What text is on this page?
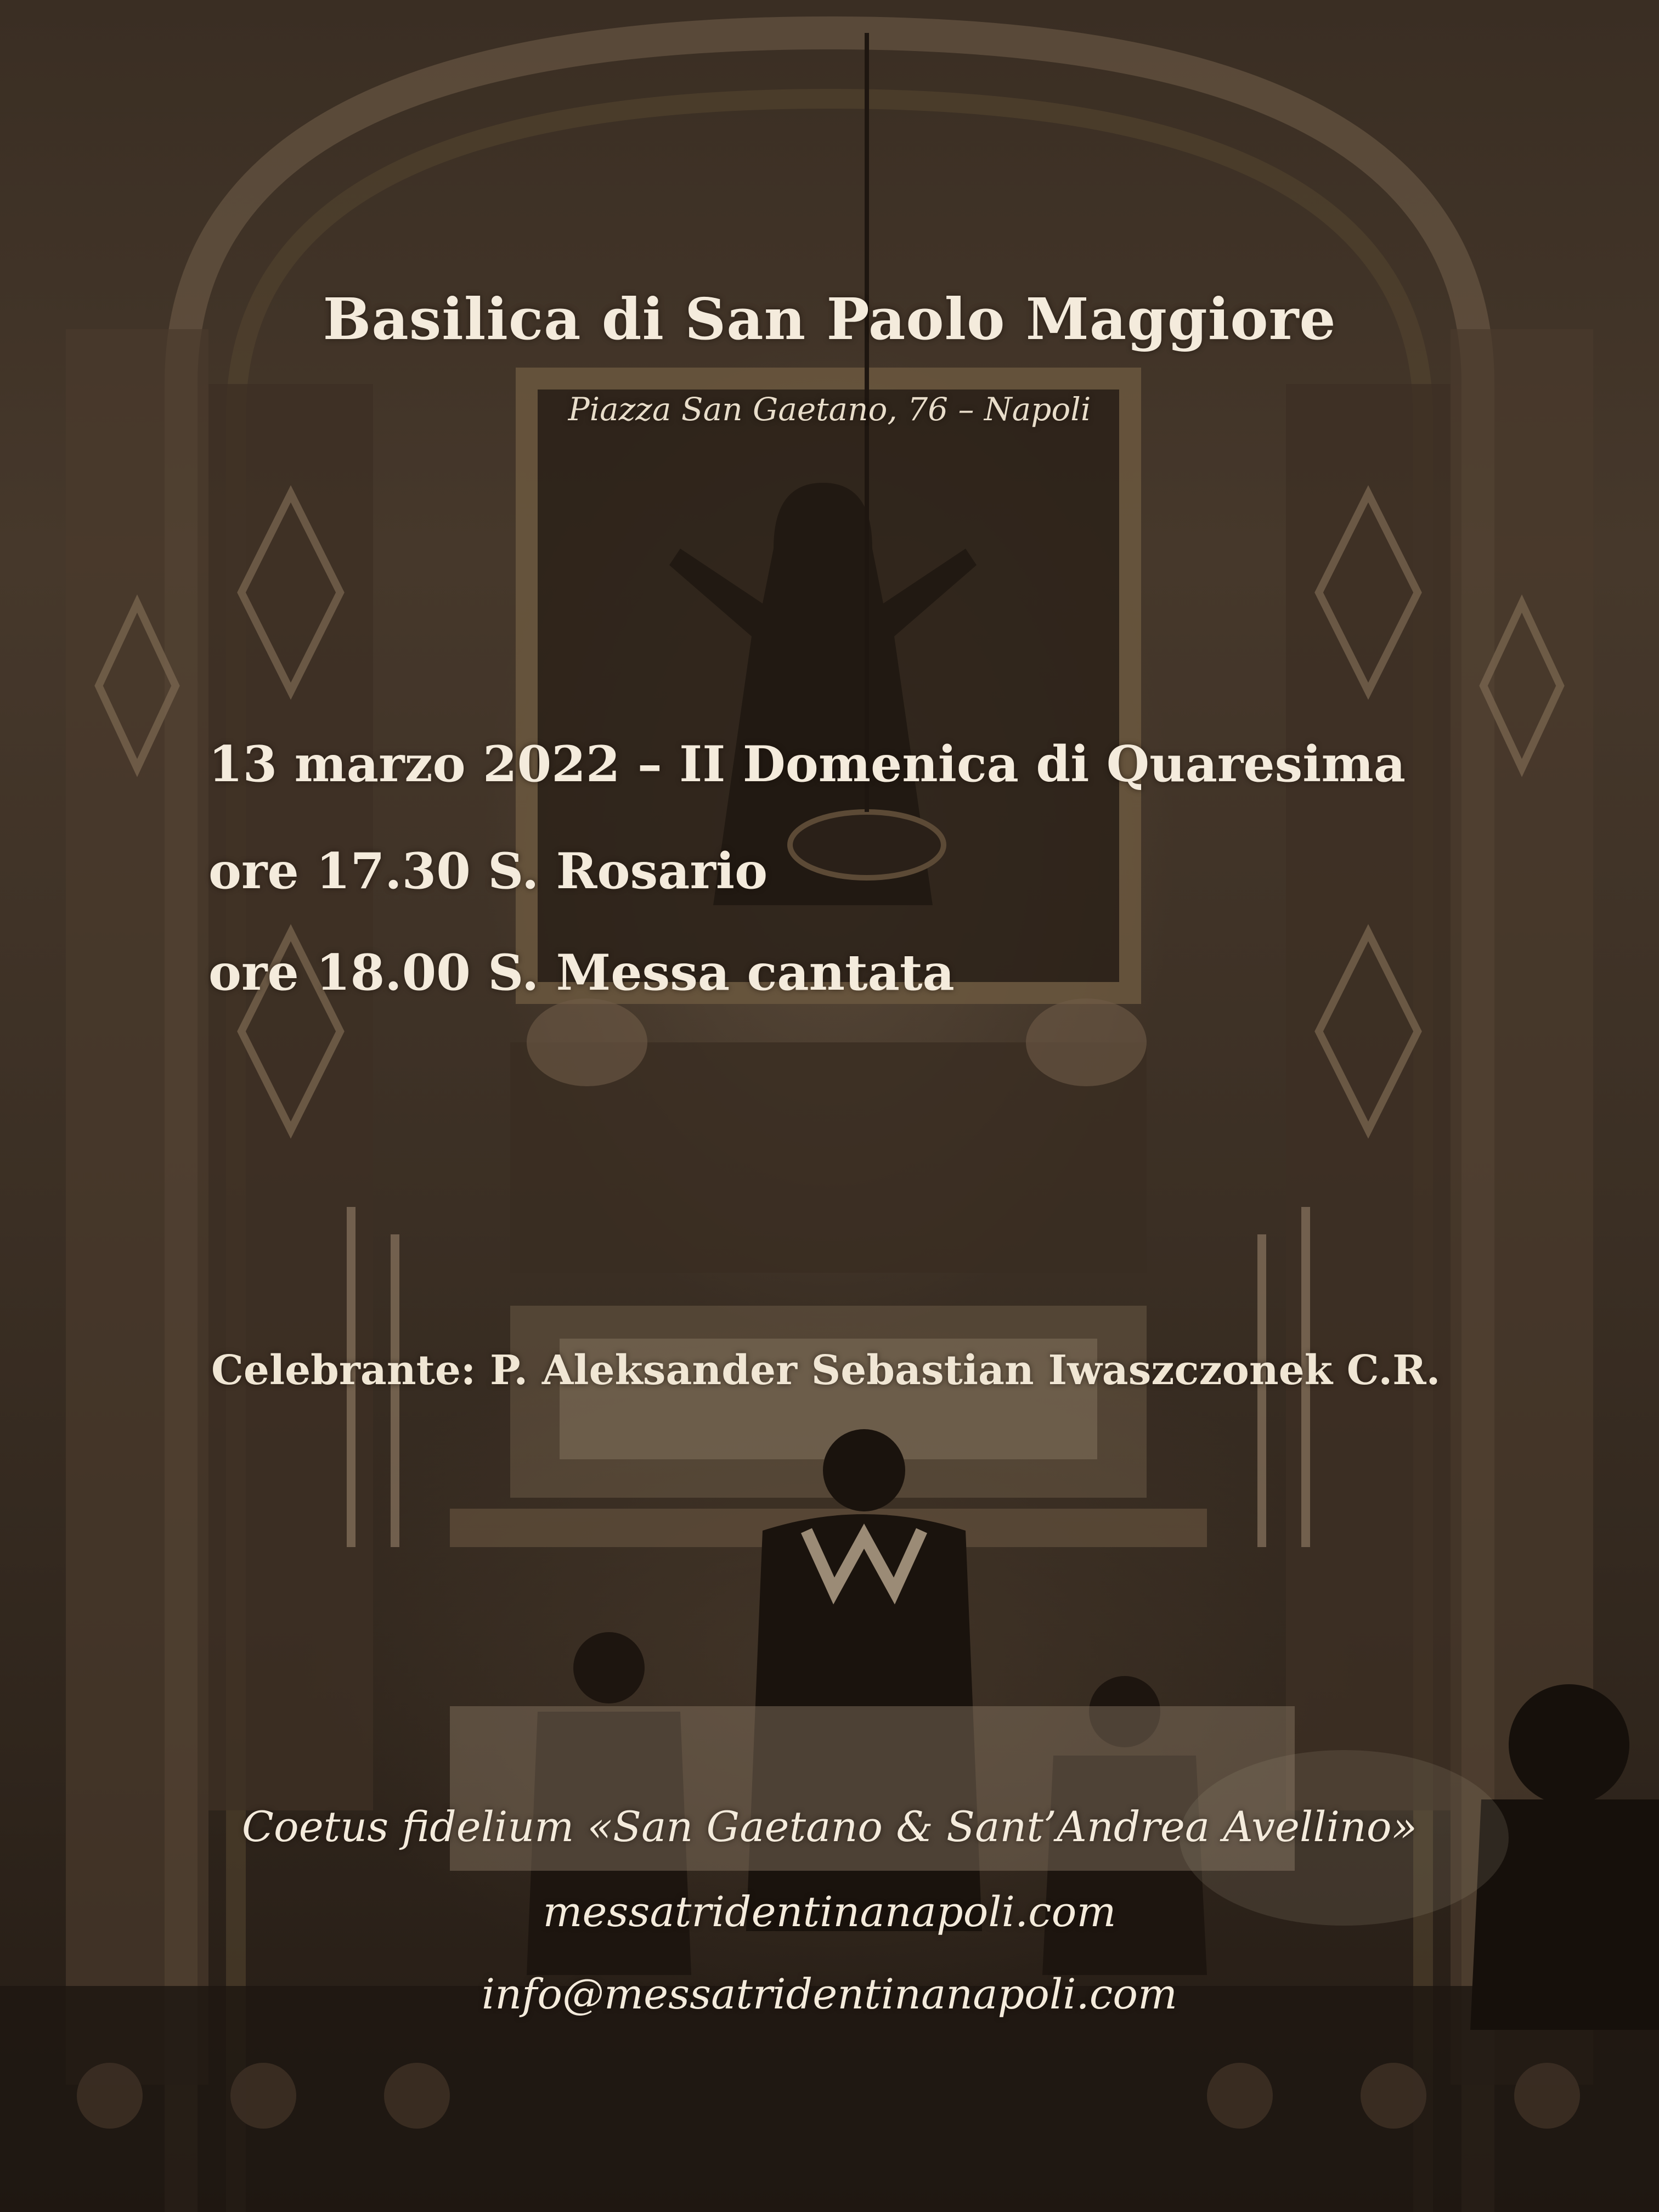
Basilica di San Paolo Maggiore
Piazza San Gaetano, 76 – Napoli
13 marzo 2022 – II Domenica di Quaresima
ore 17.30 S. Rosario
ore 18.00 S. Messa cantata
Celebrante: P. Aleksander Sebastian Iwaszczonek C.R.
Coetus fidelium «San Gaetano & Sant’Andrea Avellino»
messatridentinanapoli.com
info@messatridentinanapoli.com
